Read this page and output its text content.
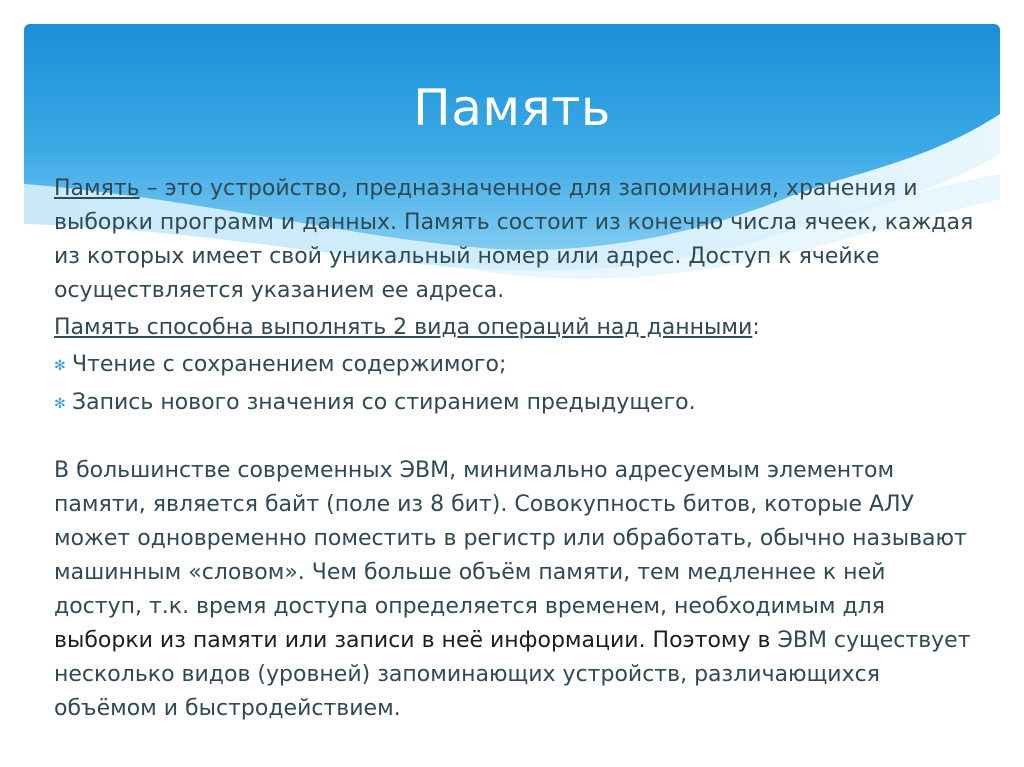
Память

Память – это устройство, предназначенное для запоминания, хранения и выборки программ и данных. Память состоит из конечно числа ячеек, каждая из которых имеет свой уникальный номер или адрес. Доступ к ячейке осуществляется указанием ее адреса.

Память способна выполнять 2 вида операций над данными:

✻ Чтение с сохранением содержимого;
✻ Запись нового значения со стиранием предыдущего.

В большинстве современных ЭВМ, минимально адресуемым элементом памяти, является байт (поле из 8 бит). Совокупность битов, которые АЛУ может одновременно поместить в регистр или обработать, обычно называют машинным «словом». Чем больше объём памяти, тем медленнее к ней доступ, т.к. время доступа определяется временем, необходимым для выборки из памяти или записи в неё информации. Поэтому в ЭВМ существует несколько видов (уровней) запоминающих устройств, различающихся объёмом и быстродействием.
